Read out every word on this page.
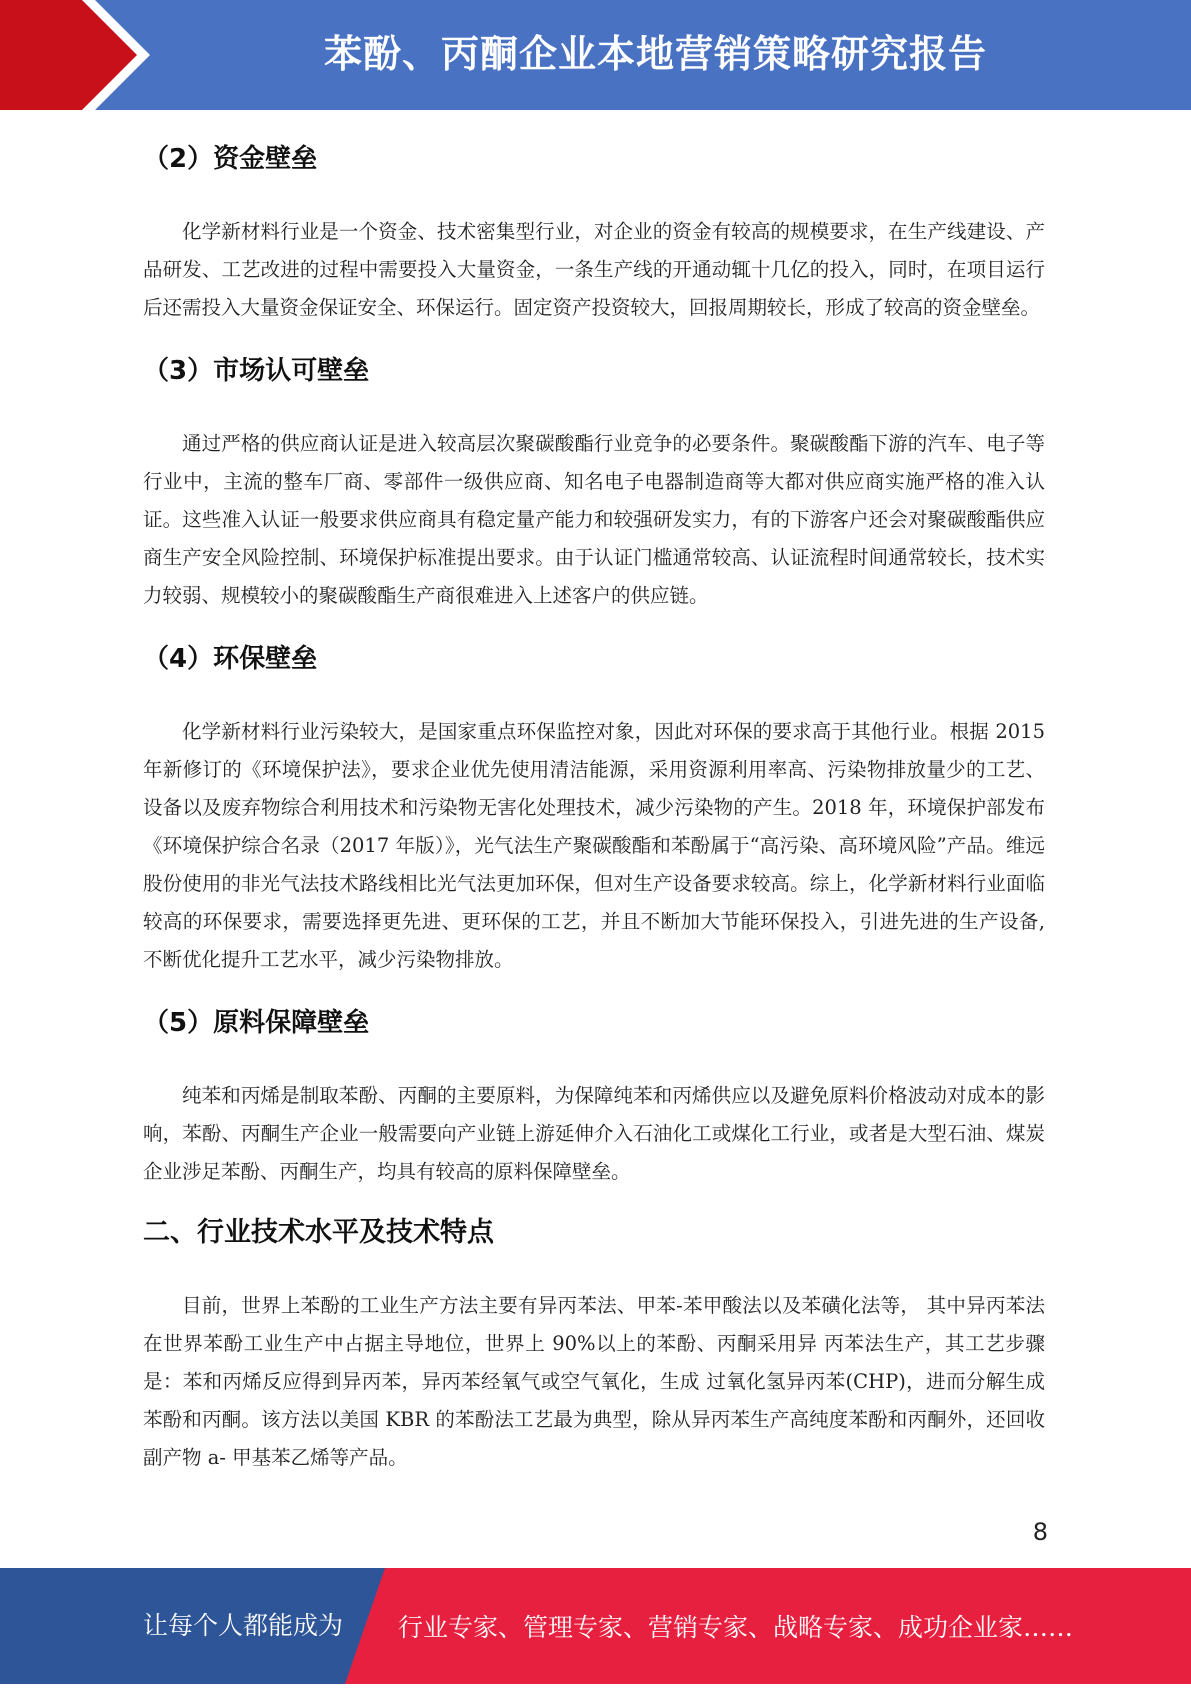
苯酚、丙酮企业本地营销策略研究报告
（2）资金壁垒

化学新材料行业是一个资金、技术密集型行业，对企业的资金有较高的规模要求，在生产线建设、产品研发、工艺改进的过程中需要投入大量资金，一条生产线的开通动辄十几亿的投入，同时，在项目运行后还需投入大量资金保证安全、环保运行。固定资产投资较大，回报周期较长，形成了较高的资金壁垒。

（3）市场认可壁垒

通过严格的供应商认证是进入较高层次聚碳酸酯行业竞争的必要条件。聚碳酸酯下游的汽车、电子等行业中，主流的整车厂商、零部件一级供应商、知名电子电器制造商等大都对供应商实施严格的准入认证。这些准入认证一般要求供应商具有稳定量产能力和较强研发实力，有的下游客户还会对聚碳酸酯供应商生产安全风险控制、环境保护标准提出要求。由于认证门槛通常较高、认证流程时间通常较长，技术实力较弱、规模较小的聚碳酸酯生产商很难进入上述客户的供应链。

（4）环保壁垒

化学新材料行业污染较大，是国家重点环保监控对象，因此对环保的要求高于其他行业。根据 2015 年新修订的《环境保护法》，要求企业优先使用清洁能源，采用资源利用率高、污染物排放量少的工艺、设备以及废弃物综合利用技术和污染物无害化处理技术，减少污染物的产生。2018 年，环境保护部发布《环境保护综合名录（2017 年版）》，光气法生产聚碳酸酯和苯酚属于“高污染、高环境风险”产品。维远股份使用的非光气法技术路线相比光气法更加环保，但对生产设备要求较高。综上，化学新材料行业面临较高的环保要求，需要选择更先进、更环保的工艺，并且不断加大节能环保投入，引进先进的生产设备,不断优化提升工艺水平，减少污染物排放。

（5）原料保障壁垒

纯苯和丙烯是制取苯酚、丙酮的主要原料，为保障纯苯和丙烯供应以及避免原料价格波动对成本的影响，苯酚、丙酮生产企业一般需要向产业链上游延伸介入石油化工或煤化工行业，或者是大型石油、煤炭企业涉足苯酚、丙酮生产，均具有较高的原料保障壁垒。

二、行业技术水平及技术特点

目前，世界上苯酚的工业生产方法主要有异丙苯法、甲苯-苯甲酸法以及苯磺化法等， 其中异丙苯法在世界苯酚工业生产中占据主导地位，世界上 90%以上的苯酚、丙酮采用异 丙苯法生产，其工艺步骤是：苯和丙烯反应得到异丙苯，异丙苯经氧气或空气氧化，生成 过氧化氢异丙苯(CHP)，进而分解生成苯酚和丙酮。该方法以美国 KBR 的苯酚法工艺最为典型，除从异丙苯生产高纯度苯酚和丙酮外，还回收副产物 a- 甲基苯乙烯等产品。

8
让每个人都能成为 行业专家、管理专家、营销专家、战略专家、成功企业家……
